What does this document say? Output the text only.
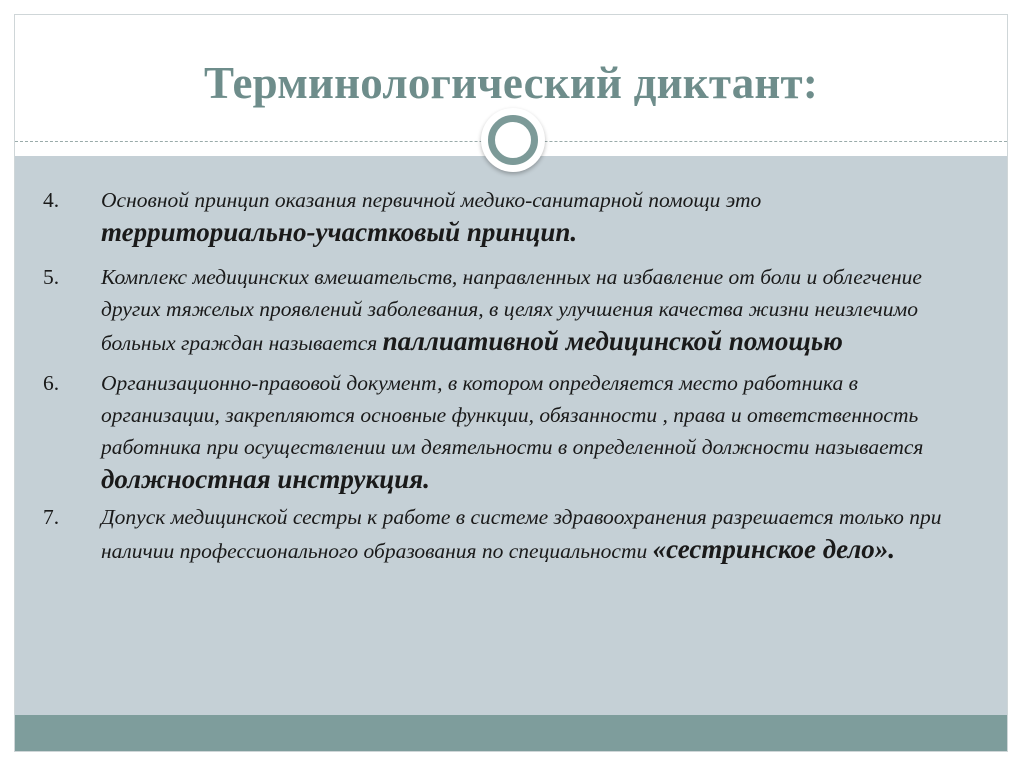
Терминологический диктант:
4. Основной принцип оказания первичной медико-санитарной помощи это
территориально-участковый принцип.
5. Комплекс медицинских вмешательств, направленных на избавление от боли и облегчение других тяжелых проявлений заболевания, в целях улучшения качества жизни неизлечимо больных граждан называется паллиативной медицинской помощью
6. Организационно-правовой документ, в котором определяется место работника в организации, закрепляются основные функции, обязанности , права и ответственность работника при осуществлении им деятельности в определенной должности называется должностная инструкция.
7. Допуск медицинской сестры к работе в системе здравоохранения разрешается только при наличии профессионального образования по специальности «сестринское дело».
